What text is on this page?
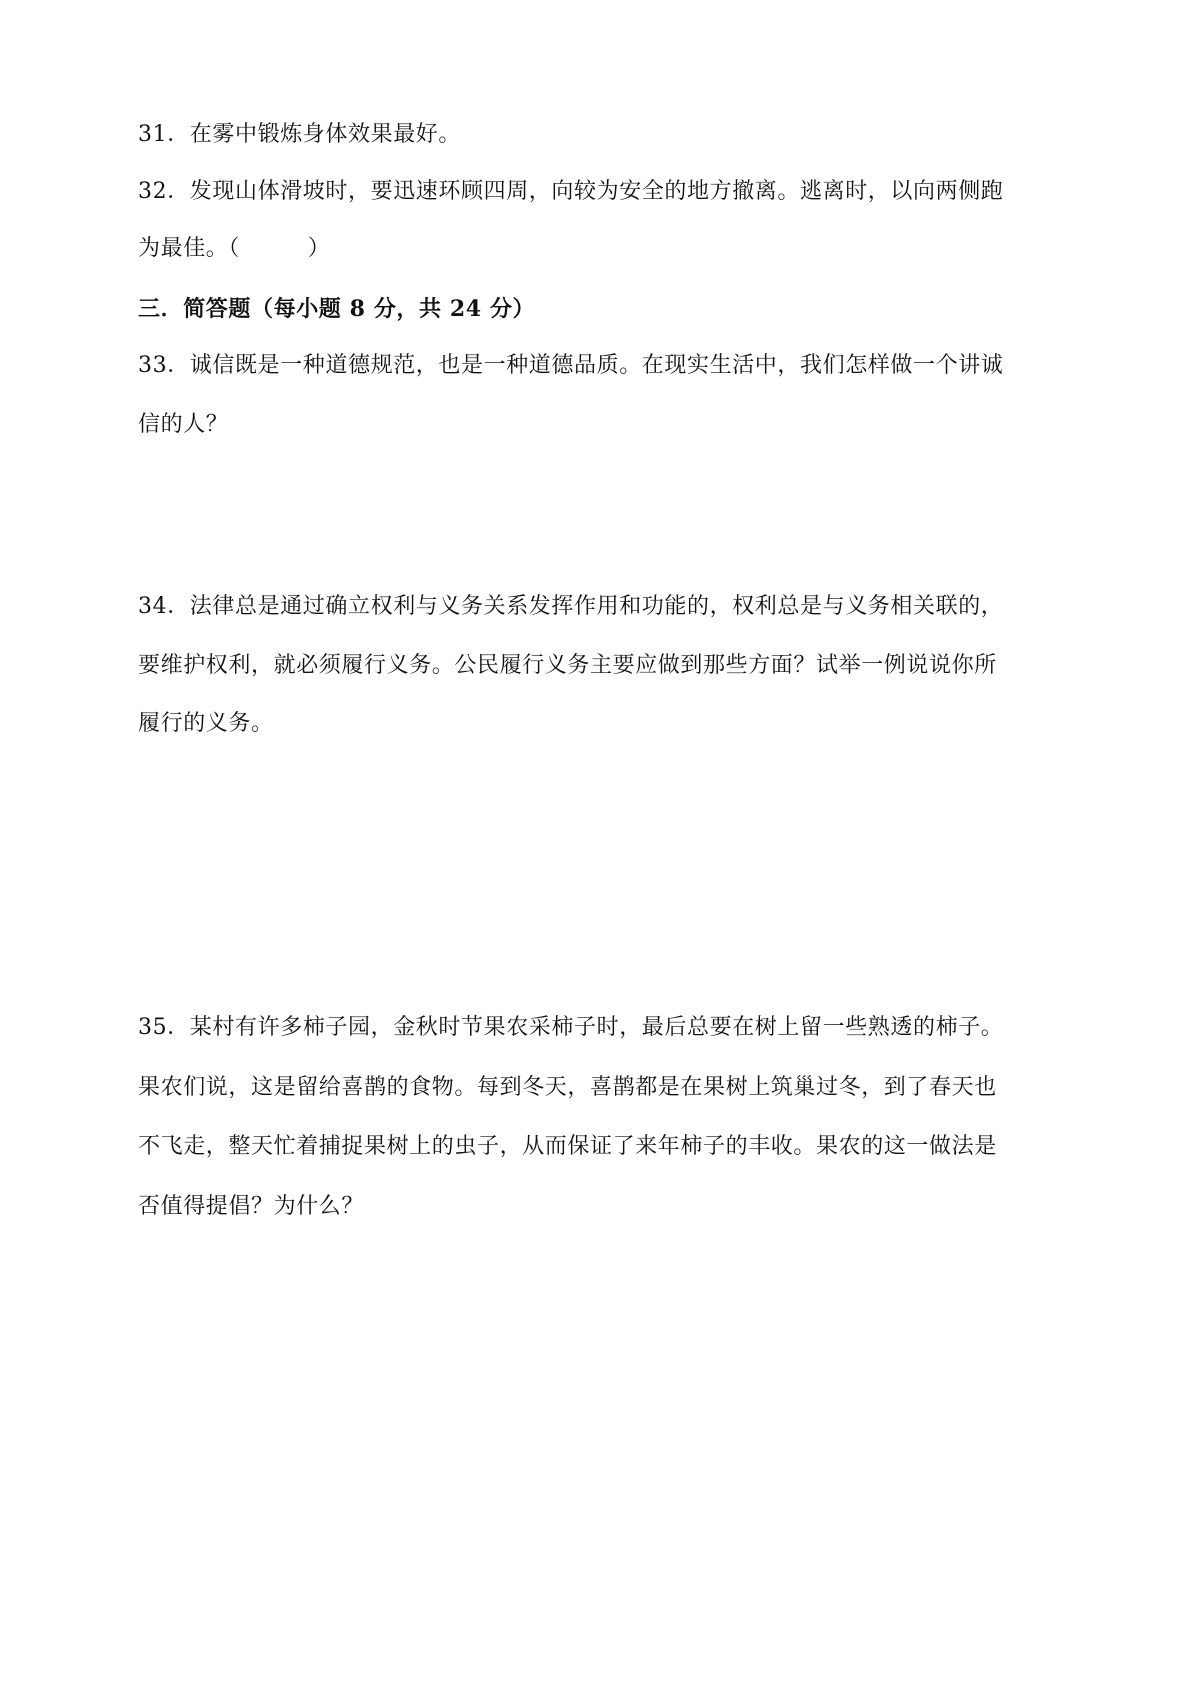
31．在雾中锻炼身体效果最好。
32．发现山体滑坡时，要迅速环顾四周，向较为安全的地方撤离。逃离时，以向两侧跑
为最佳。（　　　）
三．简答题（每小题 8 分，共 24 分）
33．诚信既是一种道德规范，也是一种道德品质。在现实生活中，我们怎样做一个讲诚
信的人？
34．法律总是通过确立权利与义务关系发挥作用和功能的，权利总是与义务相关联的，
要维护权利，就必须履行义务。公民履行义务主要应做到那些方面？试举一例说说你所
履行的义务。
35．某村有许多柿子园，金秋时节果农采柿子时，最后总要在树上留一些熟透的柿子。
果农们说，这是留给喜鹊的食物。每到冬天，喜鹊都是在果树上筑巢过冬，到了春天也
不飞走，整天忙着捕捉果树上的虫子，从而保证了来年柿子的丰收。果农的这一做法是
否值得提倡？为什么？
